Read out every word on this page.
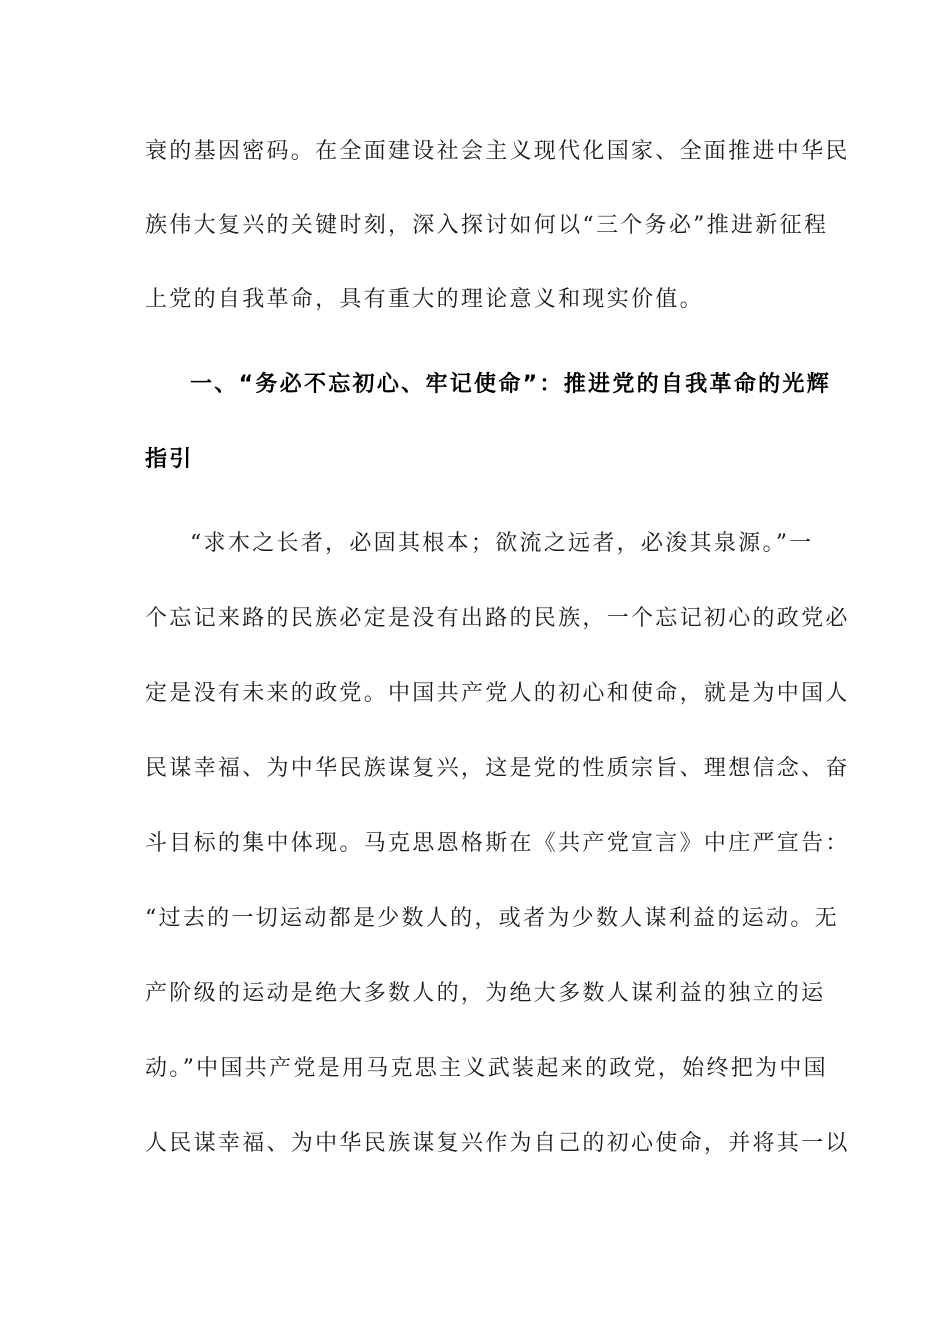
衰的基因密码。在全面建设社会主义现代化国家、全面推进中华民
族伟大复兴的关键时刻，深入探讨如何以“三个务必”推进新征程
上党的自我革命，具有重大的理论意义和现实价值。
一、“务必不忘初心、牢记使命”：推进党的自我革命的光辉
指引
“求木之长者，必固其根本；欲流之远者，必浚其泉源。”一
个忘记来路的民族必定是没有出路的民族，一个忘记初心的政党必
定是没有未来的政党。中国共产党人的初心和使命，就是为中国人
民谋幸福、为中华民族谋复兴，这是党的性质宗旨、理想信念、奋
斗目标的集中体现。马克思恩格斯在《共产党宣言》中庄严宣告：
“过去的一切运动都是少数人的，或者为少数人谋利益的运动。无
产阶级的运动是绝大多数人的，为绝大多数人谋利益的独立的运
动。”中国共产党是用马克思主义武装起来的政党，始终把为中国
人民谋幸福、为中华民族谋复兴作为自己的初心使命，并将其一以
